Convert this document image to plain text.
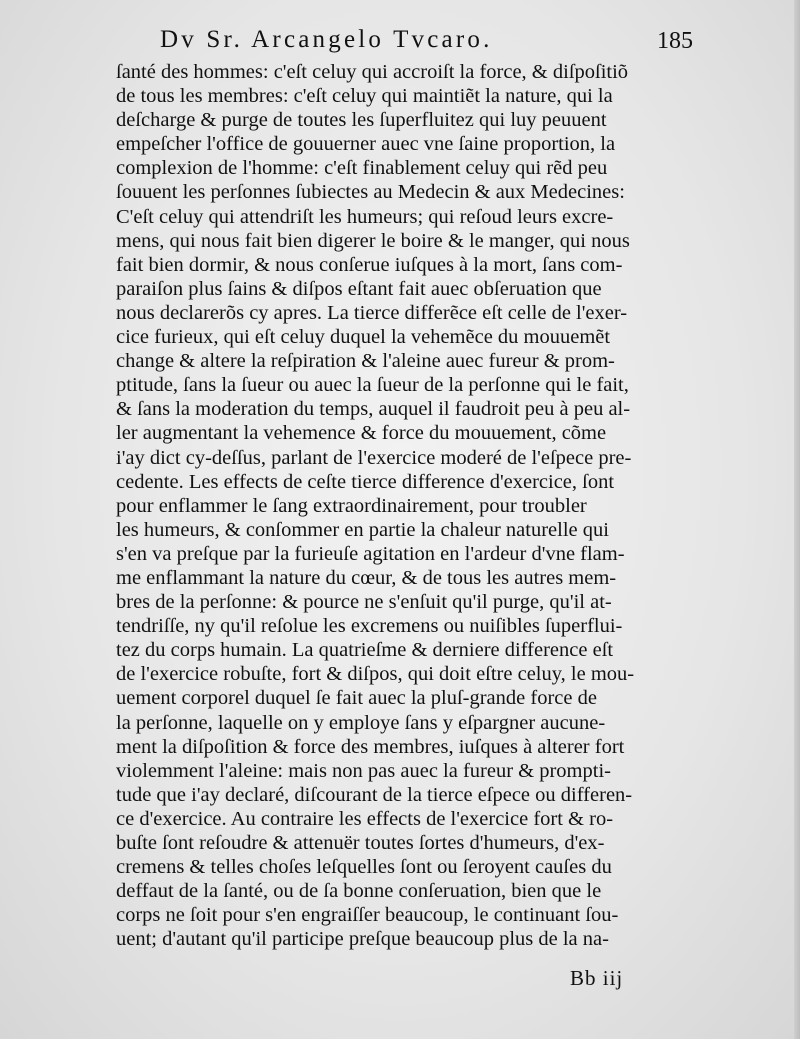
Dv Sr. Arcangelo Tvcaro.	185
ſanté des hommes: c'eſt celuy qui accroiſt la force, & diſpoſitiõ
de tous les membres: c'eſt celuy qui maintiẽt la nature, qui la
deſcharge & purge de toutes les ſuperfluitez qui luy peuuent
empeſcher l'office de gouuerner auec vne ſaine proportion, la
complexion de l'homme: c'eſt finablement celuy qui rẽd peu
ſouuent les perſonnes ſubiectes au Medecin & aux Medecines:
C'eſt celuy qui attendriſt les humeurs; qui reſoud leurs excre-
mens, qui nous fait bien digerer le boire & le manger, qui nous
fait bien dormir, & nous conſerue iuſques à la mort, ſans com-
paraiſon plus ſains & diſpos eſtant fait auec obſeruation que
nous declarerõs cy apres. La tierce differẽce eſt celle de l'exer-
cice furieux, qui eſt celuy duquel la vehemẽce du mouuemẽt
change & altere la reſpiration & l'aleine auec fureur & prom-
ptitude, ſans la ſueur ou auec la ſueur de la perſonne qui le fait,
& ſans la moderation du temps, auquel il faudroit peu à peu al-
ler augmentant la vehemence & force du mouuement, cõme
i'ay dict cy-deſſus, parlant de l'exercice moderé de l'eſpece pre-
cedente. Les effects de ceſte tierce difference d'exercice, ſont
pour enflammer le ſang extraordinairement, pour troubler
les humeurs, & conſommer en partie la chaleur naturelle qui
s'en va preſque par la furieuſe agitation en l'ardeur d'vne flam-
me enflammant la nature du cœur, & de tous les autres mem-
bres de la perſonne: & pource ne s'enſuit qu'il purge, qu'il at-
tendriſſe, ny qu'il reſolue les excremens ou nuiſibles ſuperflui-
tez du corps humain. La quatrieſme & derniere difference eſt
de l'exercice robuſte, fort & diſpos, qui doit eſtre celuy, le mou-
uement corporel duquel ſe fait auec la pluſ-grande force de
la perſonne, laquelle on y employe ſans y eſpargner aucune-
ment la diſpoſition & force des membres, iuſques à alterer fort
violemment l'aleine: mais non pas auec la fureur & prompti-
tude que i'ay declaré, diſcourant de la tierce eſpece ou differen-
ce d'exercice. Au contraire les effects de l'exercice fort & ro-
buſte ſont reſoudre & attenuër toutes ſortes d'humeurs, d'ex-
cremens & telles choſes leſquelles ſont ou ſeroyent cauſes du
deffaut de la ſanté, ou de ſa bonne conſeruation, bien que le
corps ne ſoit pour s'en engraiſſer beaucoup, le continuant ſou-
uent; d'autant qu'il participe preſque beaucoup plus de la na-
Bb iij
